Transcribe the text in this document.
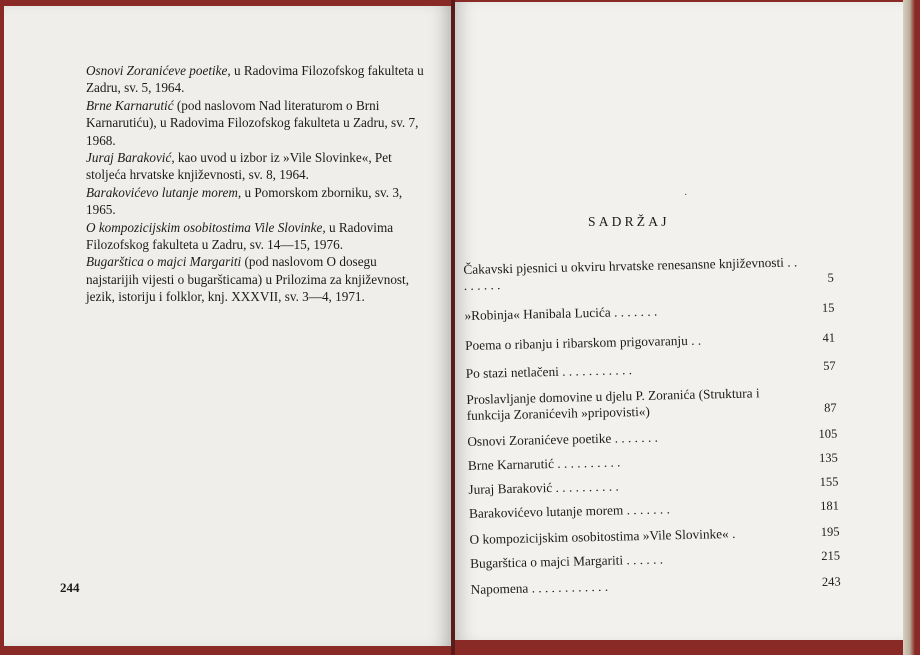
Osnovi Zoranićeve poetike, u Radovima Filozofskog fakulteta u Zadru, sv. 5, 1964.

Brne Karnarutić (pod naslovom Nad literaturom o Brni Karnarutiću), u Radovima Filozofskog fakulteta u Zadru, sv. 7, 1968.

Juraj Baraković, kao uvod u izbor iz »Vile Slovinke«, Pet stoljeća hrvatske književnosti, sv. 8, 1964.

Barakovićevo lutanje morem, u Pomorskom zborniku, sv. 3, 1965.

O kompozicijskim osobitostima Vile Slovinke, u Radovima Filozofskog fakulteta u Zadru, sv. 14—15, 1976.

Bugarštica o majci Margariti (pod naslovom O dosegu najstarijih vijesti o bugaršticama) u Prilozima za književnost, jezik, istoriju i folklor, knj. XXXVII, sv. 3—4, 1971.

244
·
SADRŽAJ
Čakavski pjesnici u okviru hrvatske renesansne književnosti . . . . . . . .	5
»Robinja« Hanibala Lucića . . . . . . .	15
Poema o ribanju i ribarskom prigovaranju . .	41
Po stazi netlačeni . . . . . . . . . . .	57
Proslavljanje domovine u djelu P. Zoranića (Struktura i funkcija Zoranićevih »pripovisti«)	87
Osnovi Zoranićeve poetike . . . . . . .	105
Brne Karnarutić . . . . . . . . . .	135
Juraj Baraković . . . . . . . . . .	155
Barakovićevo lutanje morem . . . . . . .	181
O kompozicijskim osobitostima »Vile Slovinke« .	195
Bugarštica o majci Margariti . . . . . .	215
Napomena . . . . . . . . . . . .	243
